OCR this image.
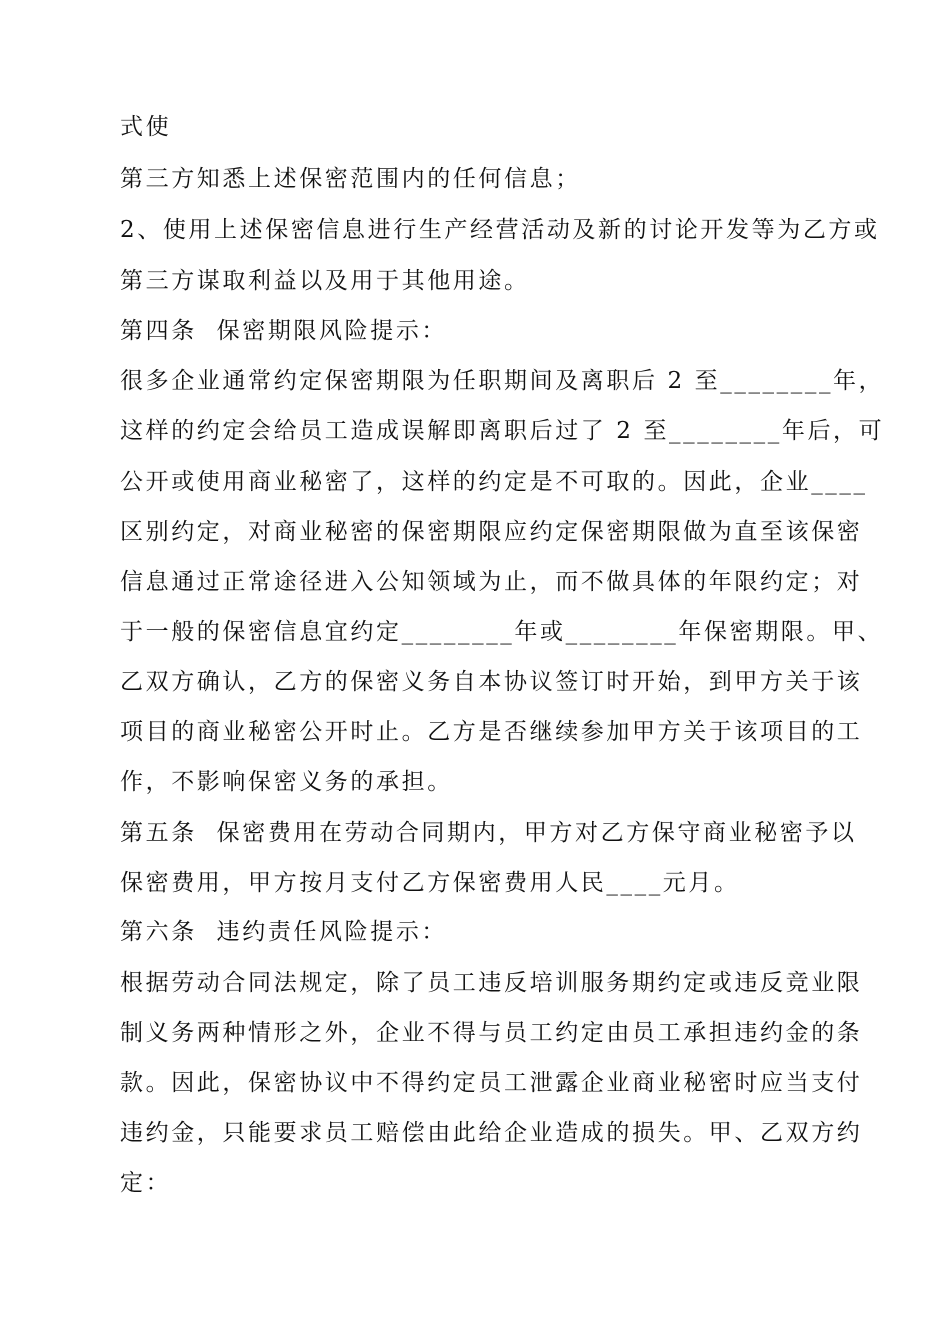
式使
第三方知悉上述保密范围内的任何信息；
2、使用上述保密信息进行生产经营活动及新的讨论开发等为乙方或
第三方谋取利益以及用于其他用途。
第四条  保密期限风险提示：
很多企业通常约定保密期限为任职期间及离职后 2 至________年，
这样的约定会给员工造成误解即离职后过了 2 至________年后，可
公开或使用商业秘密了，这样的约定是不可取的。因此，企业____
区别约定，对商业秘密的保密期限应约定保密期限做为直至该保密
信息通过正常途径进入公知领域为止，而不做具体的年限约定；对
于一般的保密信息宜约定________年或________年保密期限。甲、
乙双方确认，乙方的保密义务自本协议签订时开始，到甲方关于该
项目的商业秘密公开时止。乙方是否继续参加甲方关于该项目的工
作，不影响保密义务的承担。
第五条  保密费用在劳动合同期内，甲方对乙方保守商业秘密予以
保密费用，甲方按月支付乙方保密费用人民____元月。
第六条  违约责任风险提示：
根据劳动合同法规定，除了员工违反培训服务期约定或违反竞业限
制义务两种情形之外，企业不得与员工约定由员工承担违约金的条
款。因此，保密协议中不得约定员工泄露企业商业秘密时应当支付
违约金，只能要求员工赔偿由此给企业造成的损失。甲、乙双方约
定：
